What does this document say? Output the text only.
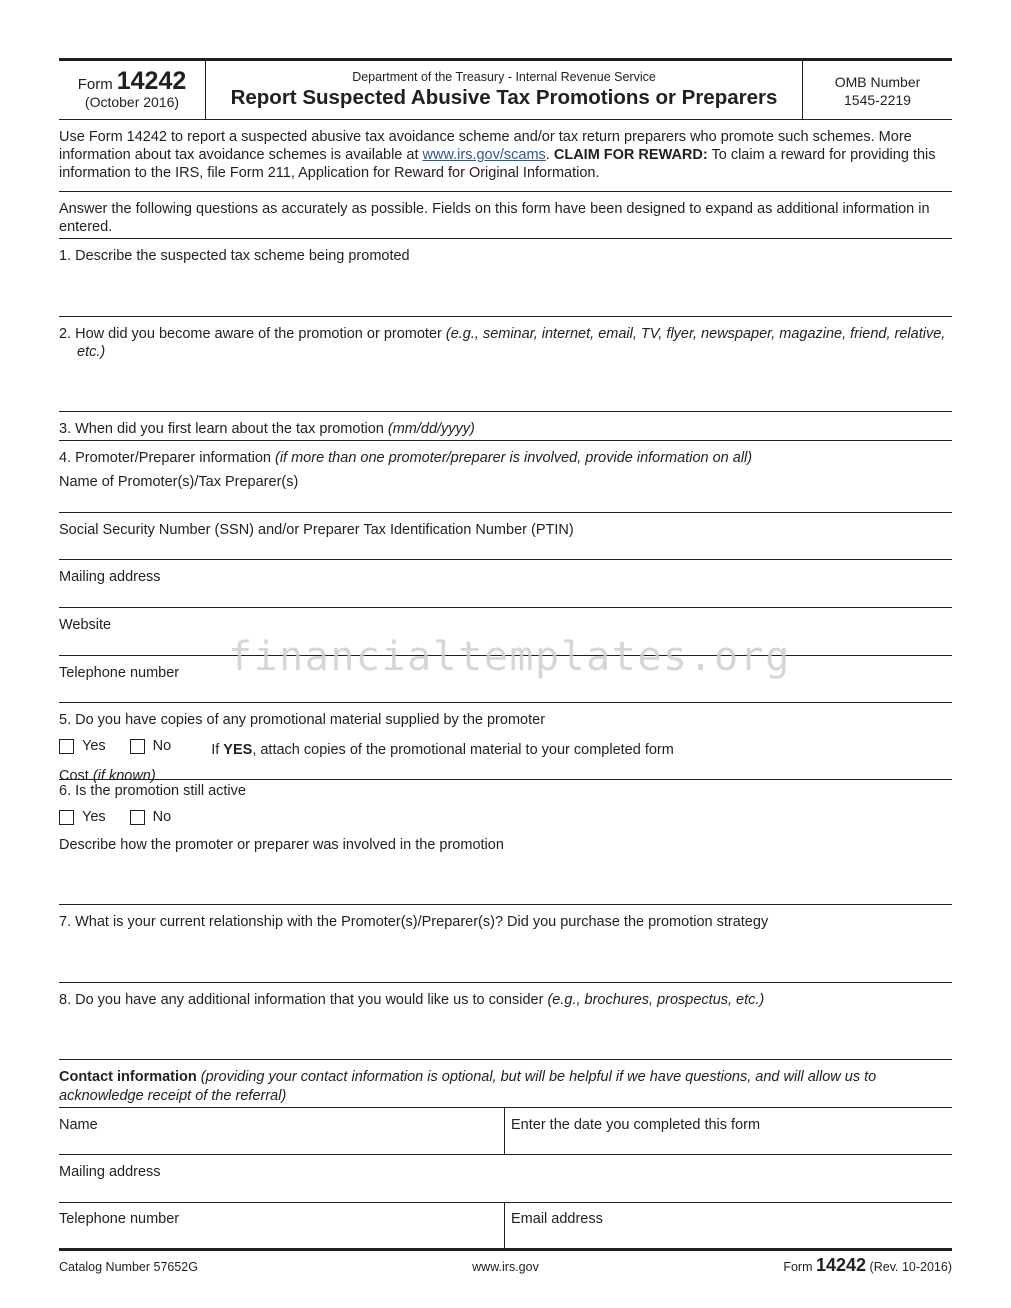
Form 14242
(October 2016)
Department of the Treasury - Internal Revenue Service
Report Suspected Abusive Tax Promotions or Preparers
OMB Number
1545-2219
Use Form 14242 to report a suspected abusive tax avoidance scheme and/or tax return preparers who promote such schemes. More information about tax avoidance schemes is available at www.irs.gov/scams. CLAIM FOR REWARD: To claim a reward for providing this information to the IRS, file Form 211, Application for Reward for Original Information.
Answer the following questions as accurately as possible. Fields on this form have been designed to expand as additional information in entered.
1. Describe the suspected tax scheme being promoted
2. How did you become aware of the promotion or promoter (e.g., seminar, internet, email, TV, flyer, newspaper, magazine, friend, relative, etc.)
3. When did you first learn about the tax promotion (mm/dd/yyyy)
4. Promoter/Preparer information (if more than one promoter/preparer is involved, provide information on all)
Name of Promoter(s)/Tax Preparer(s)
Social Security Number (SSN) and/or Preparer Tax Identification Number (PTIN)
Mailing address
Website
Telephone number
5. Do you have copies of any promotional material supplied by the promoter
Yes	No	If YES, attach copies of the promotional material to your completed form
Cost (if known)
6. Is the promotion still active
Yes	No
Describe how the promoter or preparer was involved in the promotion
7. What is your current relationship with the Promoter(s)/Preparer(s)? Did you purchase the promotion strategy
8. Do you have any additional information that you would like us to consider (e.g., brochures, prospectus, etc.)
Contact information (providing your contact information is optional, but will be helpful if we have questions, and will allow us to acknowledge receipt of the referral)
Name	Enter the date you completed this form
Mailing address
Telephone number	Email address
Catalog Number 57652G	www.irs.gov	Form 14242 (Rev. 10-2016)
financialtemplates.org
